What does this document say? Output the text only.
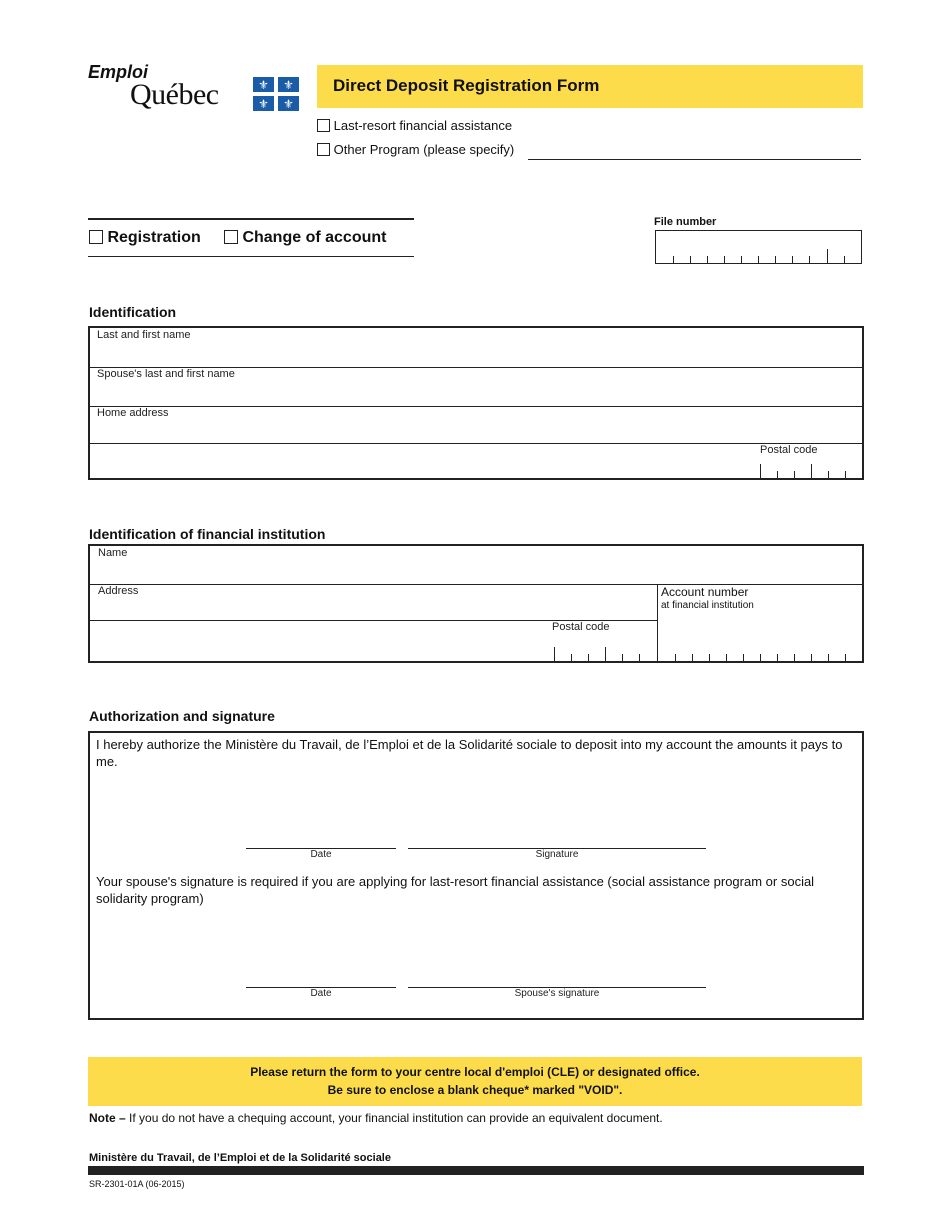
Emploi
Québec	⚜ ⚜
⚜ ⚜
Direct Deposit Registration Form
Last-resort financial assistance
Other Program (please specify)
Registration	Change of account
File number
Identification
Last and first name
Spouse's last and first name
Home address
Postal code
Identification of financial institution
Name
Address
Postal code
Account number
at financial institution
Authorization and signature
I hereby authorize the Ministère du Travail, de l’Emploi et de la Solidarité sociale to deposit into my account the amounts it pays to me.
Date	Signature
Your spouse's signature is required if you are applying for last-resort financial assistance (social assistance program or social solidarity program)
Date	Spouse's signature
Please return the form to your centre local d'emploi (CLE) or designated office.
Be sure to enclose a blank cheque* marked "VOID".
Note – If you do not have a chequing account, your financial institution can provide an equivalent document.
Ministère du Travail, de l’Emploi et de la Solidarité sociale
SR-2301-01A (06-2015)
